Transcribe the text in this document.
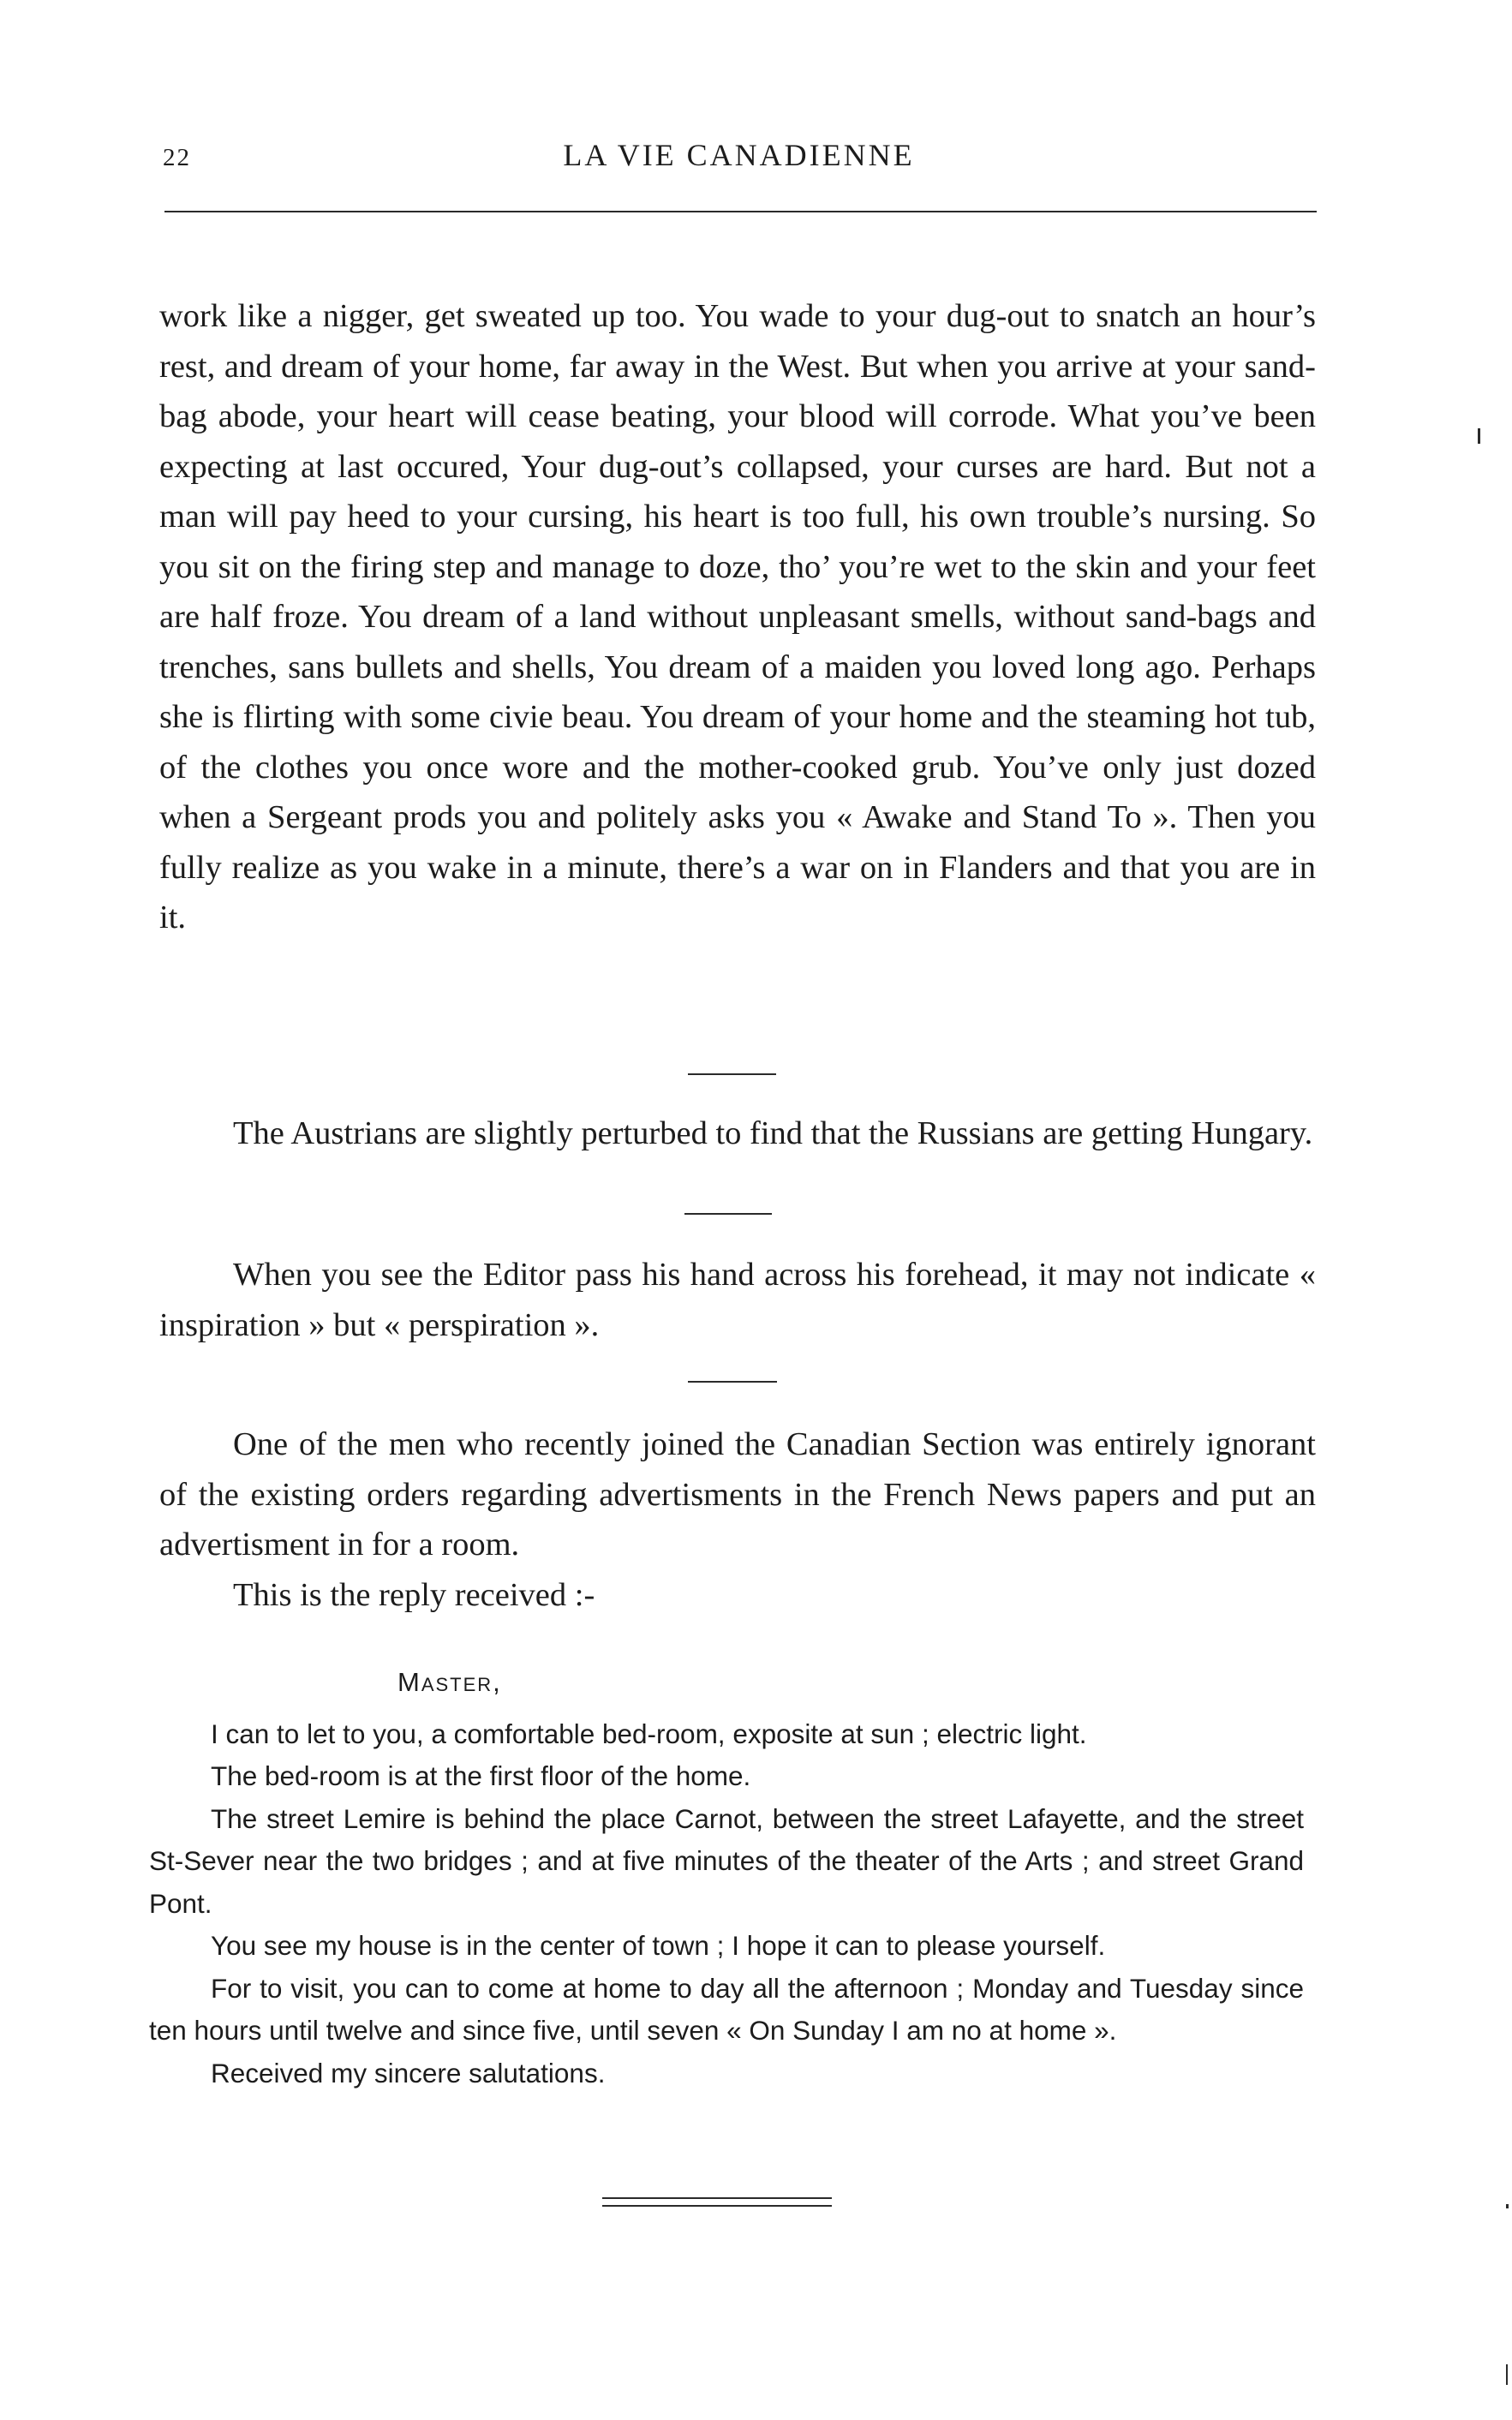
22	LA VIE CANADIENNE

work like a nigger, get sweated up too. You wade to your dug-out to snatch an hour’s rest, and dream of your home, far away in the West. But when you arrive at your sand-bag abode, your heart will cease beating, your blood will corrode. What you’ve been expecting at last occured, Your dug-out’s collapsed, your curses are hard. But not a man will pay heed to your cursing, his heart is too full, his own trouble’s nursing. So you sit on the firing step and manage to doze, tho’ you’re wet to the skin and your feet are half froze. You dream of a land without unpleasant smells, without sand-bags and trenches, sans bullets and shells, You dream of a maiden you loved long ago. Perhaps she is flirting with some civie beau. You dream of your home and the steaming hot tub, of the clothes you once wore and the mother-cooked grub. You’ve only just dozed when a Sergeant prods you and politely asks you « Awake and Stand To ». Then you fully realize as you wake in a minute, there’s a war on in Flanders and that you are in it.

The Austrians are slightly perturbed to find that the Russians are getting Hungary.

When you see the Editor pass his hand across his forehead, it may not indicate « inspiration » but « perspiration ».

One of the men who recently joined the Canadian Section was entirely ignorant of the existing orders regarding advertisments in the French News papers and put an advertisment in for a room.

This is the reply received :-

Master,

I can to let to you, a comfortable bed-room, exposite at sun ; electric light.

The bed-room is at the first floor of the home.

The street Lemire is behind the place Carnot, between the street Lafayette, and the street St-Sever near the two bridges ; and at five minutes of the theater of the Arts ; and street Grand Pont.

You see my house is in the center of town ; I hope it can to please yourself.

For to visit, you can to come at home to day all the afternoon ; Monday and Tuesday since ten hours until twelve and since five, until seven « On Sunday I am no at home ».

Received my sincere salutations.
